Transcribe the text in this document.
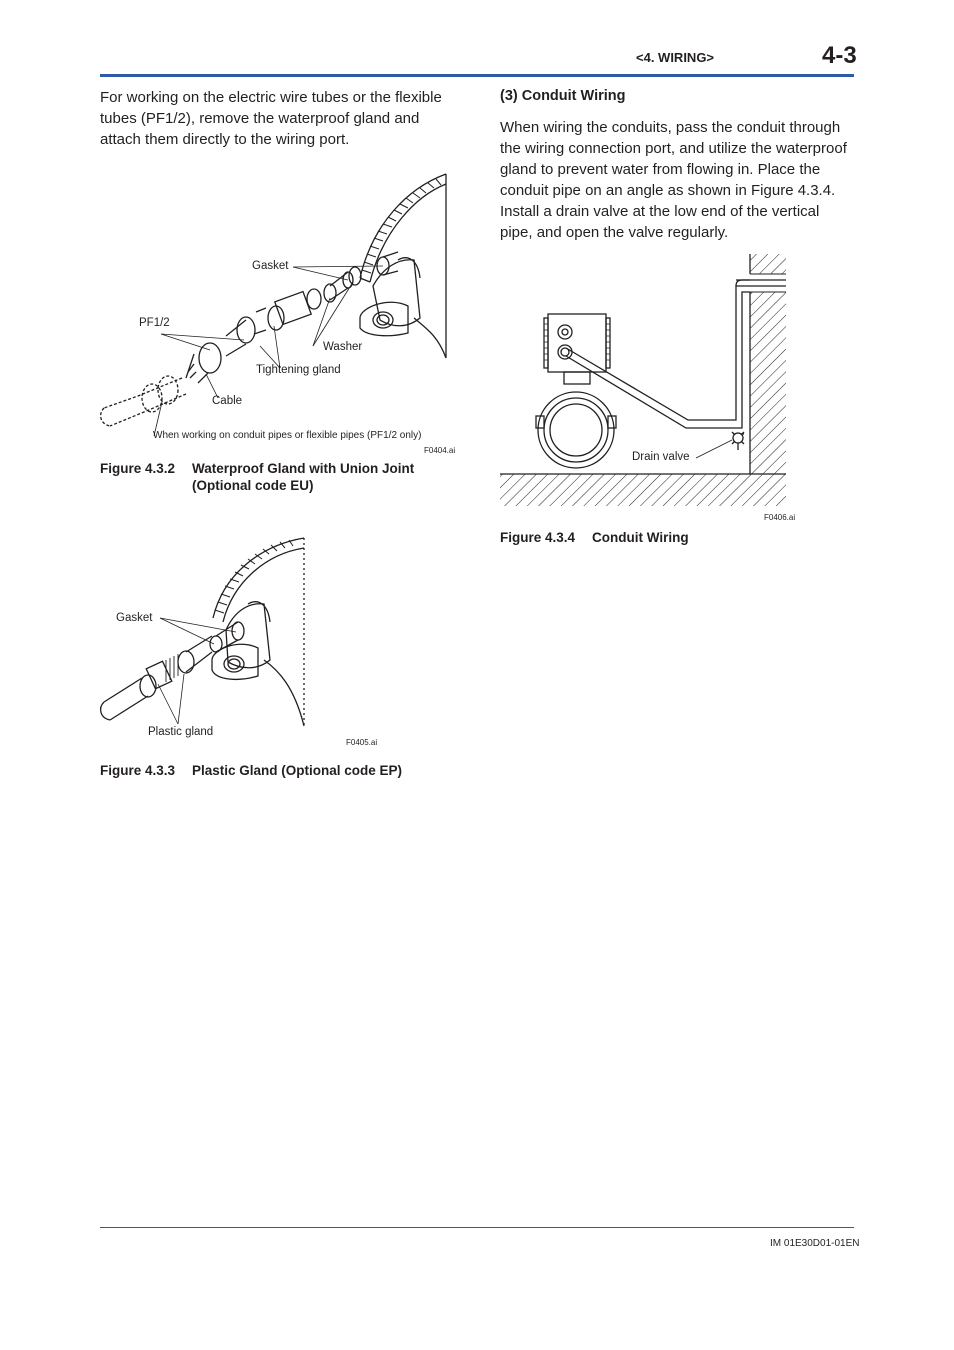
<4. WIRING>	4-3

For working on the electric wire tubes or the flexible tubes (PF1/2), remove the waterproof gland and attach them directly to the wiring port.

Gasket
PF1/2
Washer
Tightening gland
Cable
When working on conduit pipes or flexible pipes (PF1/2 only)
F0404.ai
Figure 4.3.2 Waterproof Gland with Union Joint
(Optional code EU)
Gasket
Plastic gland
F0405.ai
Figure 4.3.3 Plastic Gland (Optional code EP)
(3) Conduit Wiring

When wiring the conduits, pass the conduit through the wiring connection port, and utilize the waterproof gland to prevent water from flowing in. Place the conduit pipe on an angle as shown in Figure 4.3.4. Install a drain valve at the low end of the vertical pipe, and open the valve regularly.

Drain valve
F0406.ai
Figure 4.3.4 Conduit Wiring
IM 01E30D01-01EN
